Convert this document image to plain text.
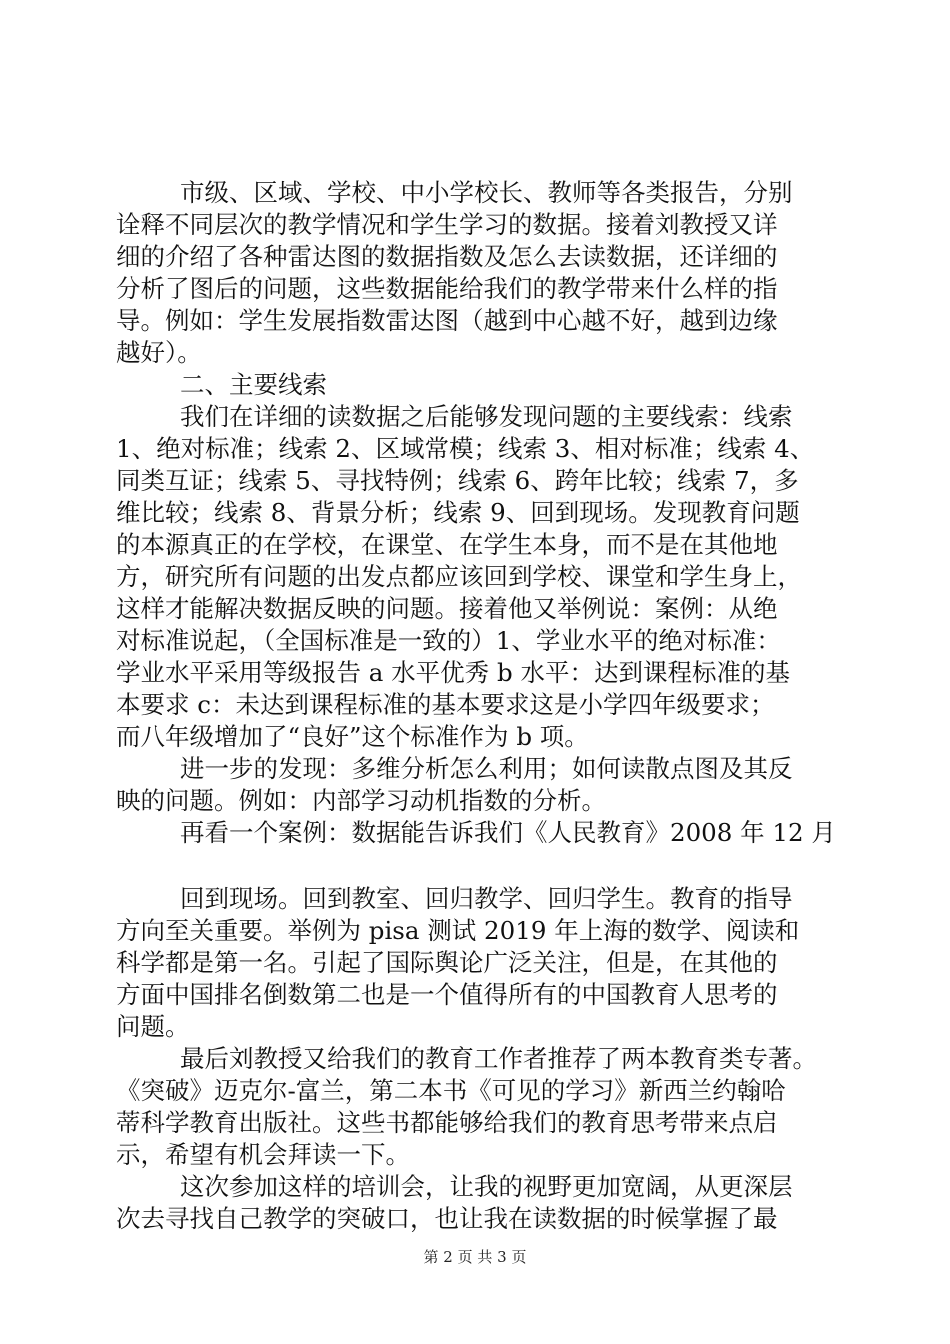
市级、区域、学校、中小学校长、教师等各类报告，分别
诠释不同层次的教学情况和学生学习的数据。接着刘教授又详
细的介绍了各种雷达图的数据指数及怎么去读数据，还详细的
分析了图后的问题，这些数据能给我们的教学带来什么样的指
导。例如：学生发展指数雷达图（越到中心越不好，越到边缘
越好）。
二、主要线索
我们在详细的读数据之后能够发现问题的主要线索：线索
1、绝对标准；线索 2、区域常模；线索 3、相对标准；线索 4、
同类互证；线索 5、寻找特例；线索 6、跨年比较；线索 7，多
维比较；线索 8、背景分析；线索 9、回到现场。发现教育问题
的本源真正的在学校，在课堂、在学生本身，而不是在其他地
方，研究所有问题的出发点都应该回到学校、课堂和学生身上，
这样才能解决数据反映的问题。接着他又举例说：案例：从绝
对标准说起，（全国标准是一致的）1、学业水平的绝对标准：
学业水平采用等级报告 a 水平优秀 b 水平：达到课程标准的基
本要求 c：未达到课程标准的基本要求这是小学四年级要求；
而八年级增加了“良好”这个标准作为 b 项。
进一步的发现：多维分析怎么利用；如何读散点图及其反
映的问题。例如：内部学习动机指数的分析。
再看一个案例：数据能告诉我们《人民教育》2008 年 12 月
回到现场。回到教室、回归教学、回归学生。教育的指导
方向至关重要。举例为 pisa 测试 2019 年上海的数学、阅读和
科学都是第一名。引起了国际舆论广泛关注，但是，在其他的
方面中国排名倒数第二也是一个值得所有的中国教育人思考的
问题。
最后刘教授又给我们的教育工作者推荐了两本教育类专著。
《突破》迈克尔-富兰，第二本书《可见的学习》新西兰约翰哈
蒂科学教育出版社。这些书都能够给我们的教育思考带来点启
示，希望有机会拜读一下。
这次参加这样的培训会，让我的视野更加宽阔，从更深层
次去寻找自己教学的突破口，也让我在读数据的时候掌握了最
第 2 页 共 3 页
